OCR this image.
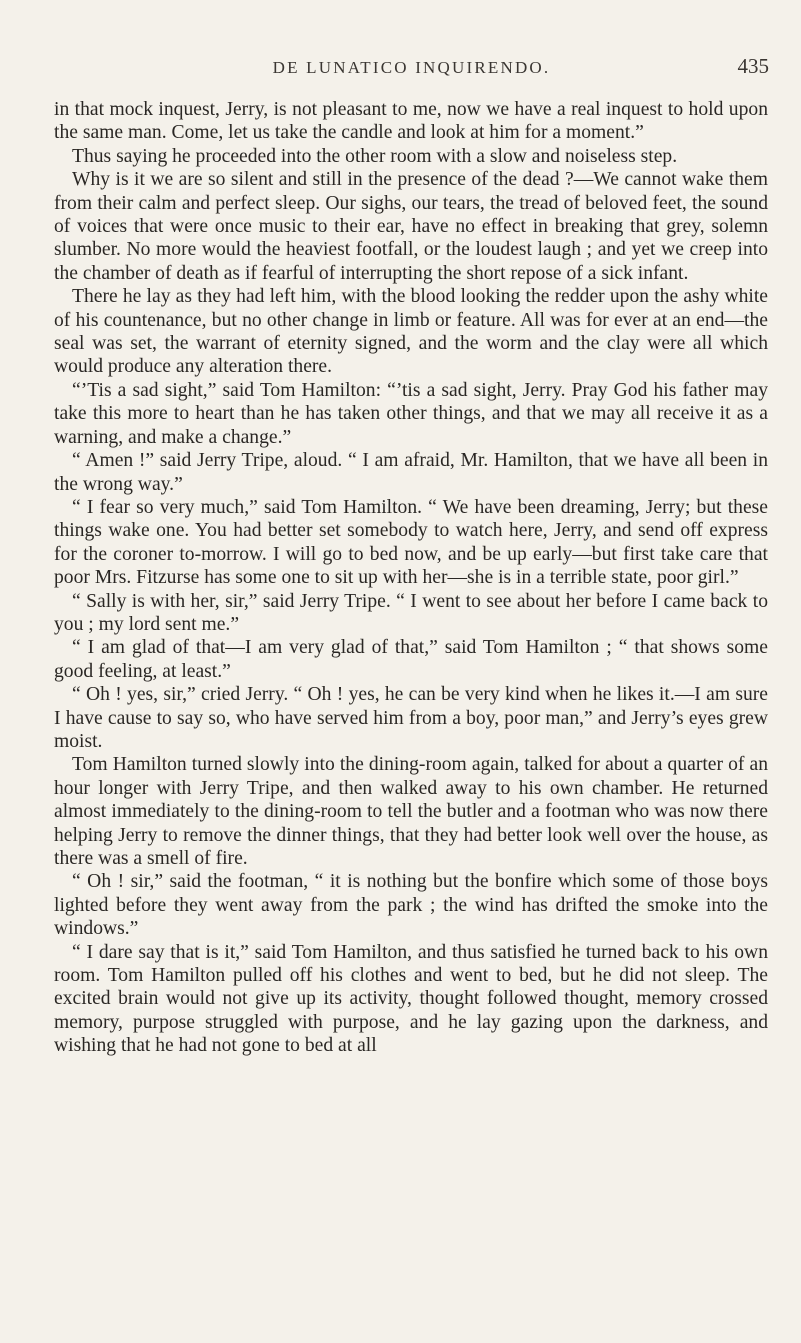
DE LUNATICO INQUIRENDO.	435

in that mock inquest, Jerry, is not pleasant to me, now we have a real inquest to hold upon the same man. Come, let us take the candle and look at him for a moment.”

Thus saying he proceeded into the other room with a slow and noiseless step.

Why is it we are so silent and still in the presence of the dead ?—We cannot wake them from their calm and perfect sleep. Our sighs, our tears, the tread of beloved feet, the sound of voices that were once music to their ear, have no effect in breaking that grey, solemn slumber. No more would the heaviest footfall, or the loudest laugh ; and yet we creep into the chamber of death as if fearful of interrupting the short repose of a sick infant.

There he lay as they had left him, with the blood looking the redder upon the ashy white of his countenance, but no other change in limb or feature. All was for ever at an end—the seal was set, the warrant of eternity signed, and the worm and the clay were all which would produce any alteration there.

“’Tis a sad sight,” said Tom Hamilton: “’tis a sad sight, Jerry. Pray God his father may take this more to heart than he has taken other things, and that we may all receive it as a warning, and make a change.”

“ Amen !” said Jerry Tripe, aloud. “ I am afraid, Mr. Hamilton, that we have all been in the wrong way.”

“ I fear so very much,” said Tom Hamilton. “ We have been dreaming, Jerry; but these things wake one. You had better set somebody to watch here, Jerry, and send off express for the coroner to-morrow. I will go to bed now, and be up early—but first take care that poor Mrs. Fitzurse has some one to sit up with her—she is in a terrible state, poor girl.”

“ Sally is with her, sir,” said Jerry Tripe. “ I went to see about her before I came back to you ; my lord sent me.”

“ I am glad of that—I am very glad of that,” said Tom Hamilton ; “ that shows some good feeling, at least.”

“ Oh ! yes, sir,” cried Jerry. “ Oh ! yes, he can be very kind when he likes it.—I am sure I have cause to say so, who have served him from a boy, poor man,” and Jerry’s eyes grew moist.

Tom Hamilton turned slowly into the dining-room again, talked for about a quarter of an hour longer with Jerry Tripe, and then walked away to his own chamber. He returned almost immediately to the dining-room to tell the butler and a footman who was now there helping Jerry to remove the dinner things, that they had better look well over the house, as there was a smell of fire.

“ Oh ! sir,” said the footman, “ it is nothing but the bonfire which some of those boys lighted before they went away from the park ; the wind has drifted the smoke into the windows.”

“ I dare say that is it,” said Tom Hamilton, and thus satisfied he turned back to his own room. Tom Hamilton pulled off his clothes and went to bed, but he did not sleep. The excited brain would not give up its activity, thought followed thought, memory crossed memory, purpose struggled with purpose, and he lay gazing upon the darkness, and wishing that he had not gone to bed at all
